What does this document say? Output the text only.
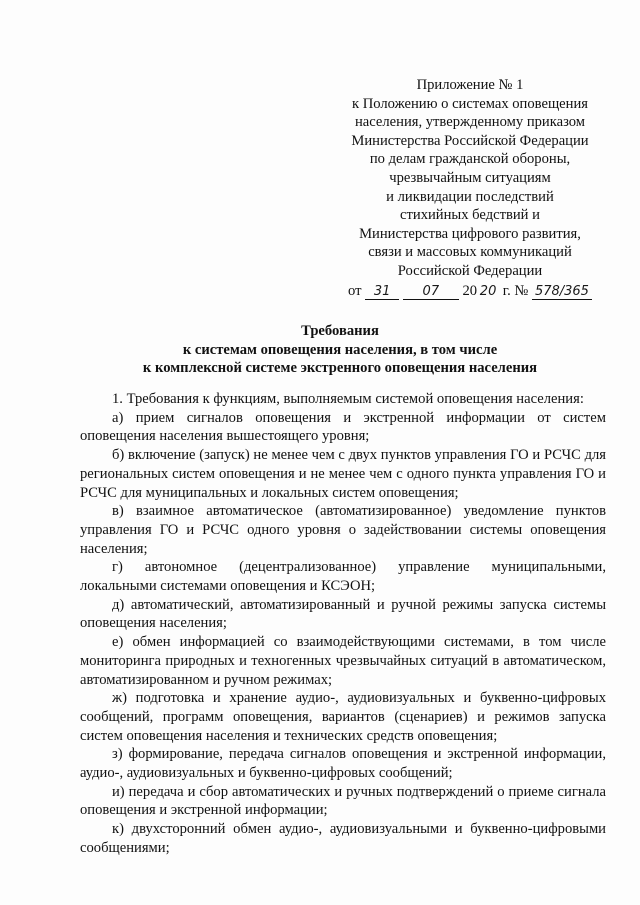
Приложение № 1
к Положению о системах оповещения
населения, утвержденному приказом
Министерства Российской Федерации
по делам гражданской обороны,
чрезвычайным ситуациям
и ликвидации последствий
стихийных бедствий и
Министерства цифрового развития,
связи и массовых коммуникаций
Российской Федерации
от 31 07 20 20 г. № 578/365
Требования
к системам оповещения населения, в том числе
к комплексной системе экстренного оповещения населения

1. Требования к функциям, выполняемым системой оповещения населения:

а) прием сигналов оповещения и экстренной информации от систем оповещения населения вышестоящего уровня;

б) включение (запуск) не менее чем с двух пунктов управления ГО и РСЧС для региональных систем оповещения и не менее чем с одного пункта управления ГО и РСЧС для муниципальных и локальных систем оповещения;

в) взаимное автоматическое (автоматизированное) уведомление пунктов управления ГО и РСЧС одного уровня о задействовании системы оповещения населения;

г) автономное (децентрализованное) управление муниципальными, локальными системами оповещения и КСЭОН;

д) автоматический, автоматизированный и ручной режимы запуска системы оповещения населения;

е) обмен информацией со взаимодействующими системами, в том числе мониторинга природных и техногенных чрезвычайных ситуаций в автоматическом, автоматизированном и ручном режимах;

ж) подготовка и хранение аудио-, аудиовизуальных и буквенно-цифровых сообщений, программ оповещения, вариантов (сценариев) и режимов запуска систем оповещения населения и технических средств оповещения;

з) формирование, передача сигналов оповещения и экстренной информации, аудио-, аудиовизуальных и буквенно-цифровых сообщений;

и) передача и сбор автоматических и ручных подтверждений о приеме сигнала оповещения и экстренной информации;

к) двухсторонний обмен аудио-, аудиовизуальными и буквенно-цифровыми сообщениями;
